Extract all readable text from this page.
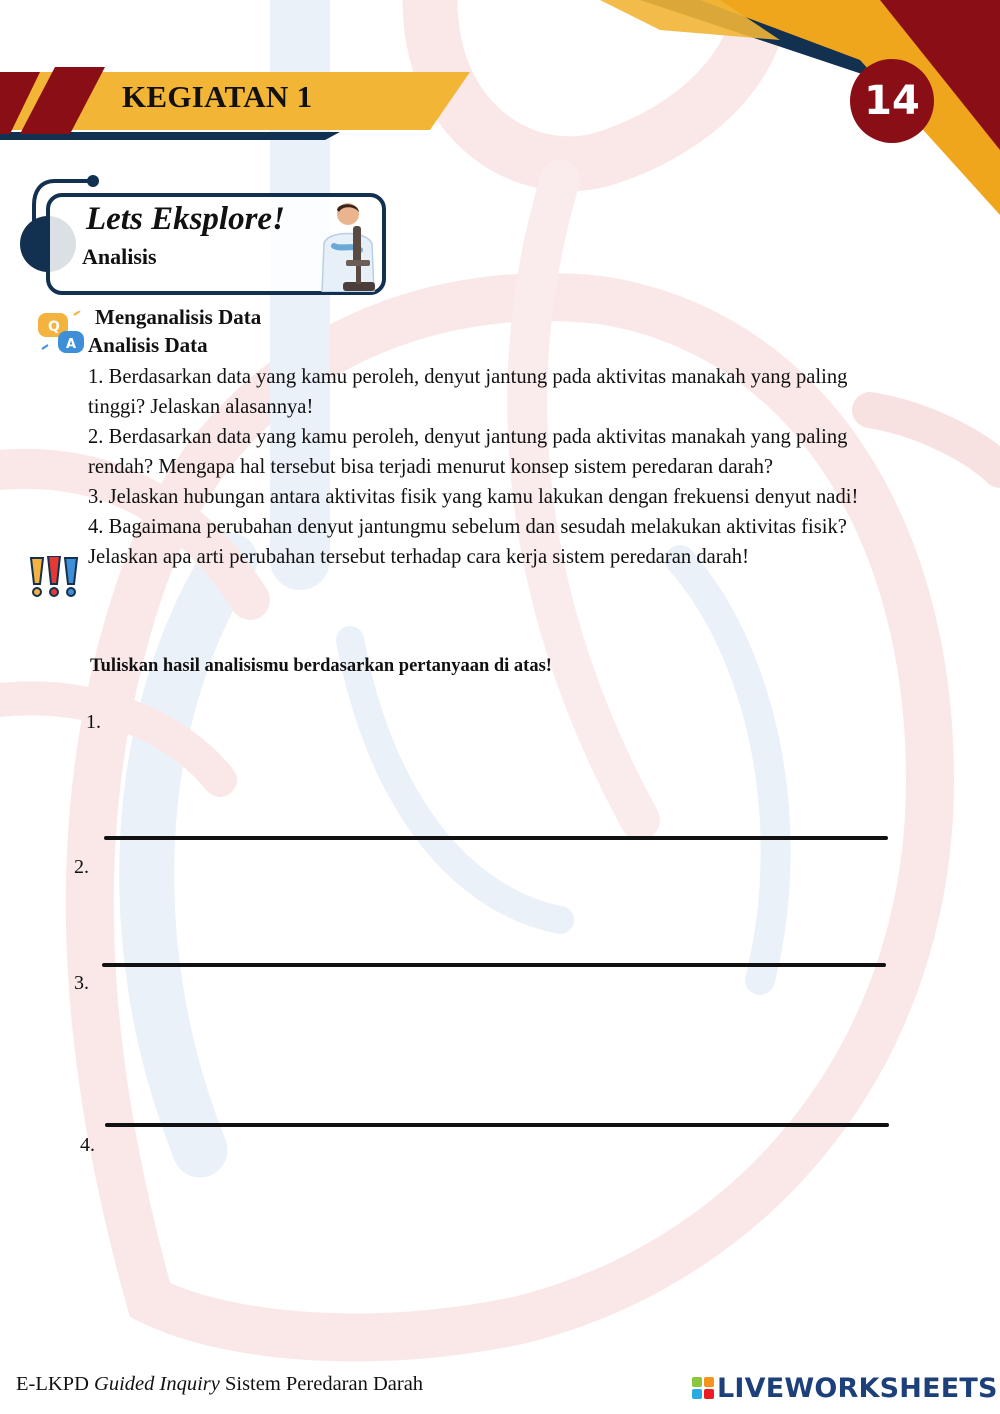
KEGIATAN 1	14
Lets Eksplore!
Analisis
Q
A
Menganalisis Data
Analisis Data

1. Berdasarkan data yang kamu peroleh, denyut jantung pada aktivitas manakah yang paling tinggi? Jelaskan alasannya!

2. Berdasarkan data yang kamu peroleh, denyut jantung pada aktivitas manakah yang paling rendah? Mengapa hal tersebut bisa terjadi menurut konsep sistem peredaran darah?

3. Jelaskan hubungan antara aktivitas fisik yang kamu lakukan dengan frekuensi denyut nadi!

4. Bagaimana perubahan denyut jantungmu sebelum dan sesudah melakukan aktivitas fisik? Jelaskan apa arti perubahan tersebut terhadap cara kerja sistem peredaran darah!

Tuliskan hasil analisismu berdasarkan pertanyaan di atas!
1.
2.
3.
4.
E-LKPD Guided Inquiry Sistem Peredaran Darah	LIVEWORKSHEETS
